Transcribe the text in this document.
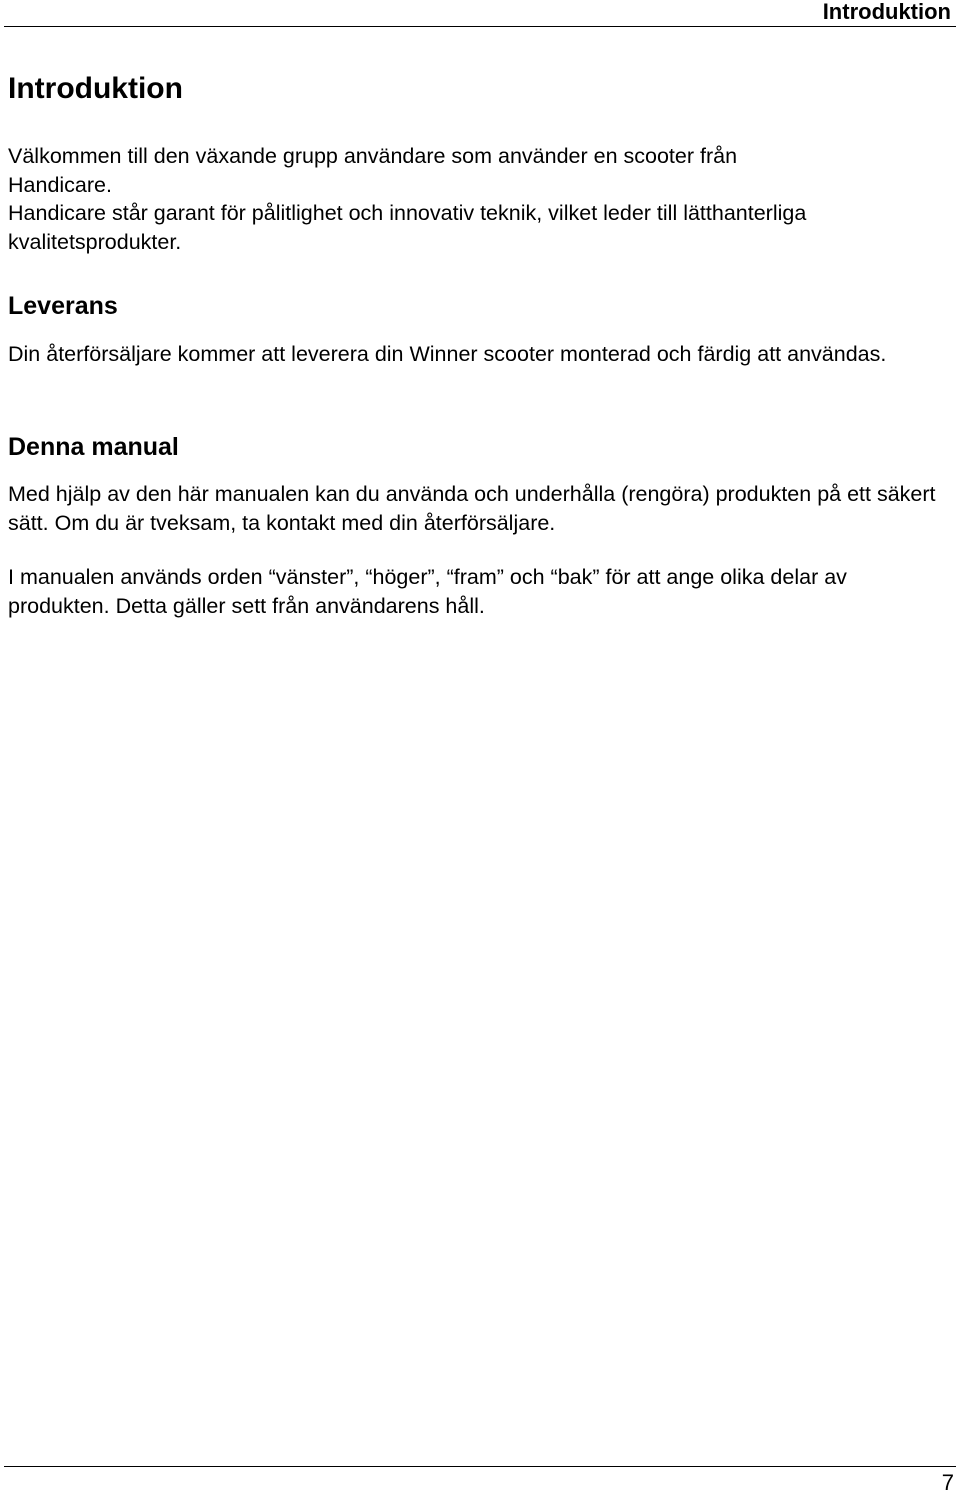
Introduktion
Introduktion

Välkommen till den växande grupp användare som använder en scooter från
Handicare.

Handicare står garant för pålitlighet och innovativ teknik, vilket leder till lätthanterliga kvalitetsprodukter.

Leverans

Din återförsäljare kommer att leverera din Winner scooter monterad och färdig att användas.

Denna manual

Med hjälp av den här manualen kan du använda och underhålla (rengöra) produkten på ett säkert sätt. Om du är tveksam, ta kontakt med din återförsäljare.

I manualen används orden “vänster”, “höger”, “fram” och “bak” för att ange olika delar av produkten. Detta gäller sett från användarens håll.

7
